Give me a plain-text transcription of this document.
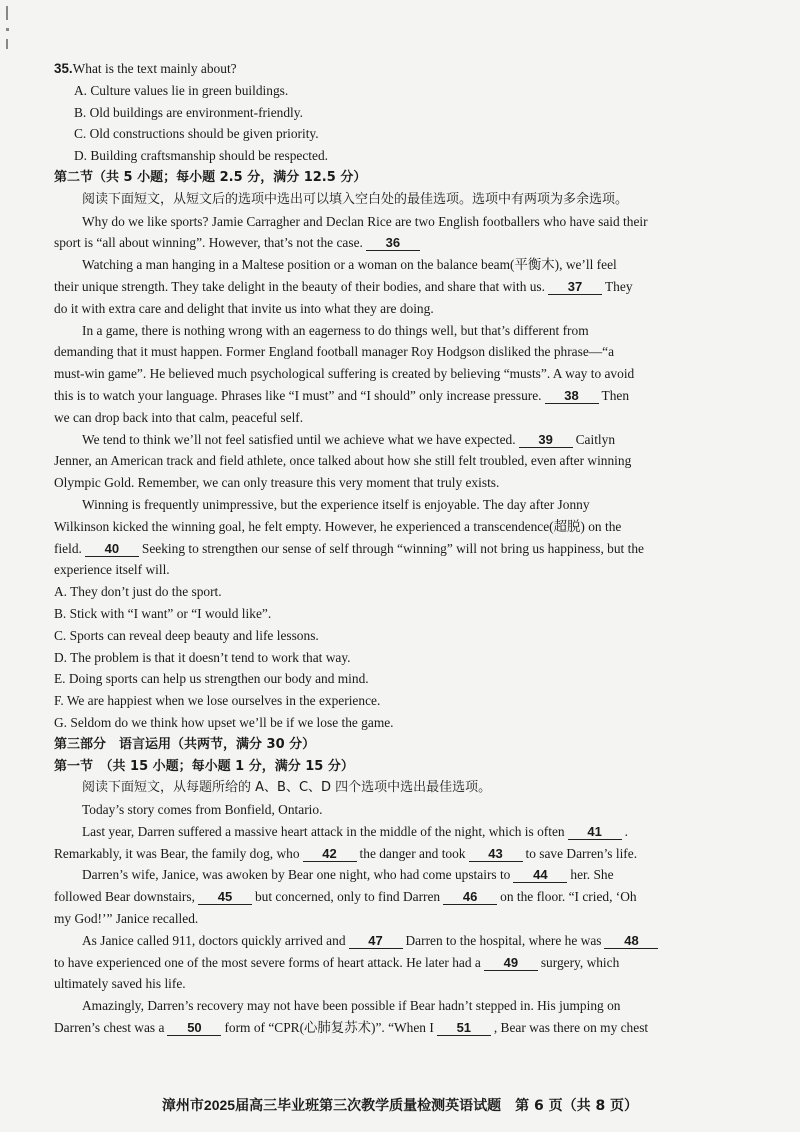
35.What is the text mainly about?
A. Culture values lie in green buildings.
B. Old buildings are environment-friendly.
C. Old constructions should be given priority.
D. Building craftsmanship should be respected.
第二节（共 5 小题；每小题 2.5 分，满分 12.5 分）
阅读下面短文，从短文后的选项中选出可以填入空白处的最佳选项。选项中有两项为多余选项。
Why do we like sports? Jamie Carragher and Declan Rice are two English footballers who have said their
sport is “all about winning”. However, that’s not the case. 36
Watching a man hanging in a Maltese position or a woman on the balance beam(平衡木), we’ll feel
their unique strength. They take delight in the beauty of their bodies, and share that with us. 37 They
do it with extra care and delight that invite us into what they are doing.
In a game, there is nothing wrong with an eagerness to do things well, but that’s different from
demanding that it must happen. Former England football manager Roy Hodgson disliked the phrase—“a
must-win game”. He believed much psychological suffering is created by believing “musts”. A way to avoid
this is to watch your language. Phrases like “I must” and “I should” only increase pressure. 38 Then
we can drop back into that calm, peaceful self.
We tend to think we’ll not feel satisfied until we achieve what we have expected. 39 Caitlyn
Jenner, an American track and field athlete, once talked about how she still felt troubled, even after winning
Olympic Gold. Remember, we can only treasure this very moment that truly exists.
Winning is frequently unimpressive, but the experience itself is enjoyable. The day after Jonny
Wilkinson kicked the winning goal, he felt empty. However, he experienced a transcendence(超脱) on the
field. 40 Seeking to strengthen our sense of self through “winning” will not bring us happiness, but the
experience itself will.
A. They don’t just do the sport.
B. Stick with “I want” or “I would like”.
C. Sports can reveal deep beauty and life lessons.
D. The problem is that it doesn’t tend to work that way.
E. Doing sports can help us strengthen our body and mind.
F. We are happiest when we lose ourselves in the experience.
G. Seldom do we think how upset we’ll be if we lose the game.
第三部分　语言运用（共两节，满分 30 分）
第一节　（共 15 小题；每小题 1 分，满分 15 分）
阅读下面短文，从每题所给的 A、B、C、D 四个选项中选出最佳选项。
Today’s story comes from Bonfield, Ontario.
Last year, Darren suffered a massive heart attack in the middle of the night, which is often 41 .
Remarkably, it was Bear, the family dog, who 42 the danger and took 43 to save Darren’s life.
Darren’s wife, Janice, was awoken by Bear one night, who had come upstairs to 44 her. She
followed Bear downstairs, 45 but concerned, only to find Darren 46 on the floor. “I cried, ‘Oh
my God!’” Janice recalled.
As Janice called 911, doctors quickly arrived and 47 Darren to the hospital, where he was 48
to have experienced one of the most severe forms of heart attack. He later had a 49 surgery, which
ultimately saved his life.
Amazingly, Darren’s recovery may not have been possible if Bear hadn’t stepped in. His jumping on
Darren’s chest was a 50 form of “CPR(心肺复苏术)”. “When I 51 , Bear was there on my chest
漳州市2025届高三毕业班第三次教学质量检测英语试题　 第 6 页（共 8 页）
